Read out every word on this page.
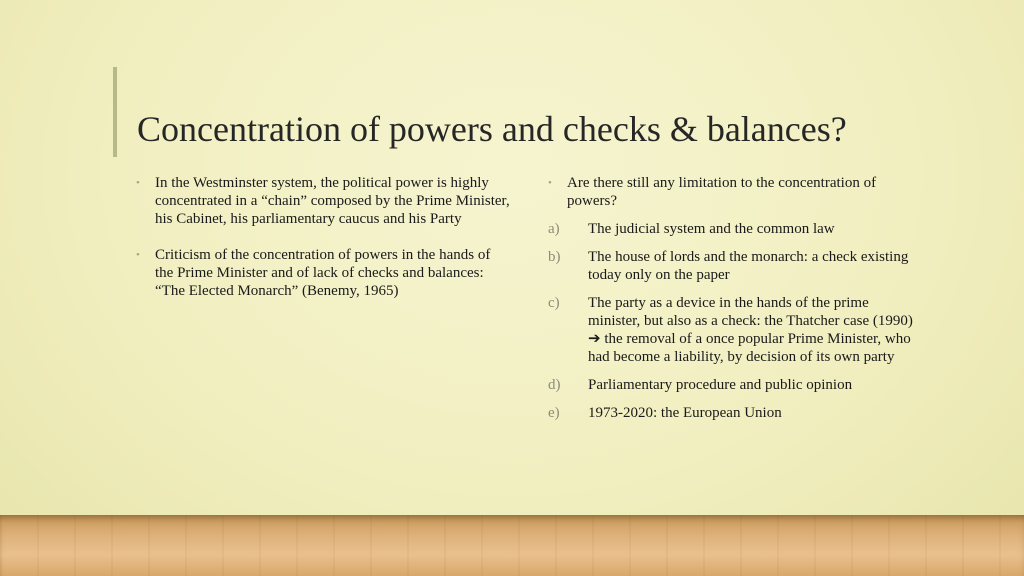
Concentration of powers and checks & balances?
•	In the Westminster system, the political power is highly concentrated in a “chain” composed by the Prime Minister, his Cabinet, his parliamentary caucus and his Party
•	Criticism of the concentration of powers in the hands of the Prime Minister and of lack of checks and balances: “The Elected Monarch” (Benemy, 1965)
•	Are there still any limitation to the concentration of powers?
a)	The judicial system and the common law
b)	The house of lords and the monarch: a check existing today only on the paper
c)	The party as a device in the hands of the prime minister, but also as a check: the Thatcher case (1990) ➔ the removal of a once popular Prime Minister, who had become a liability, by decision of its own party
d)	Parliamentary procedure and public opinion
e)	1973-2020: the European Union
